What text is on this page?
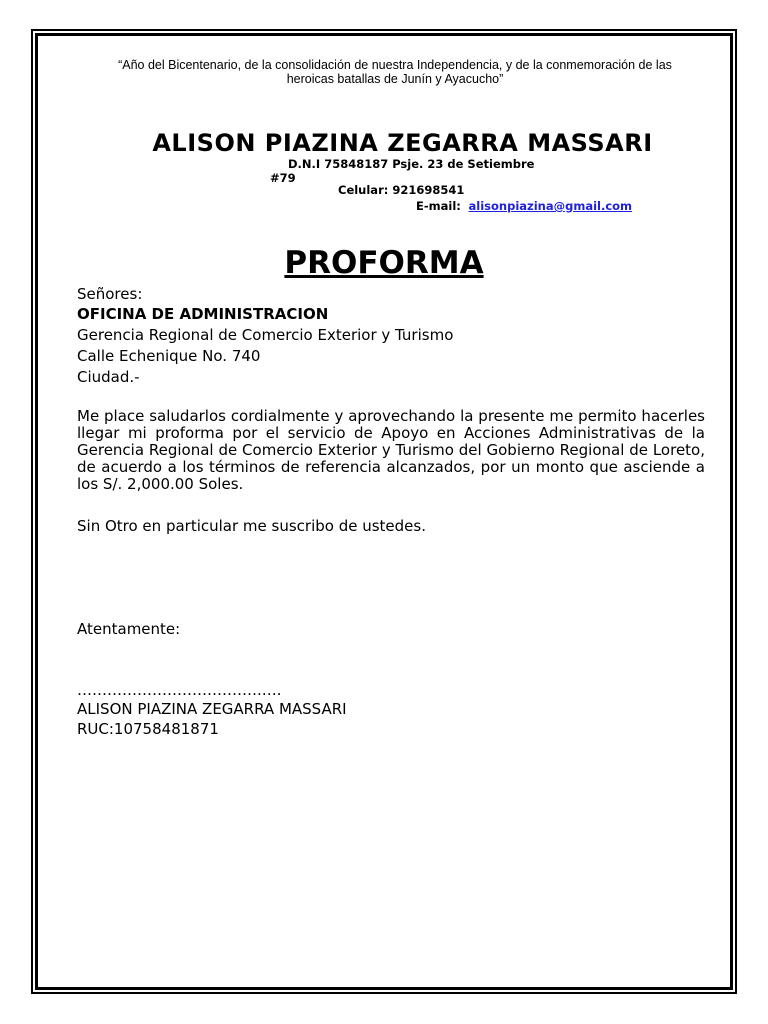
“Año del Bicentenario, de la consolidación de nuestra Independencia, y de la conmemoración de las
heroicas batallas de Junín y Ayacucho”
ALISON PIAZINA ZEGARRA MASSARI
D.N.I 75848187 Psje. 23 de Setiembre
#79
Celular: 921698541
E-mail: alisonpiazina@gmail.com
PROFORMA
Señores:
OFICINA DE ADMINISTRACION
Gerencia Regional de Comercio Exterior y Turismo
Calle Echenique No. 740
Ciudad.-
Me place saludarlos cordialmente y aprovechando la presente me permito hacerles llegar mi proforma por el servicio de Apoyo en Acciones Administrativas de la Gerencia Regional de Comercio Exterior y Turismo del Gobierno Regional de Loreto, de acuerdo a los términos de referencia alcanzados, por un monto que asciende a los S/. 2,000.00 Soles.
Sin Otro en particular me suscribo de ustedes.
Atentamente:
……………………………….….
ALISON PIAZINA ZEGARRA MASSARI
RUC:10758481871
